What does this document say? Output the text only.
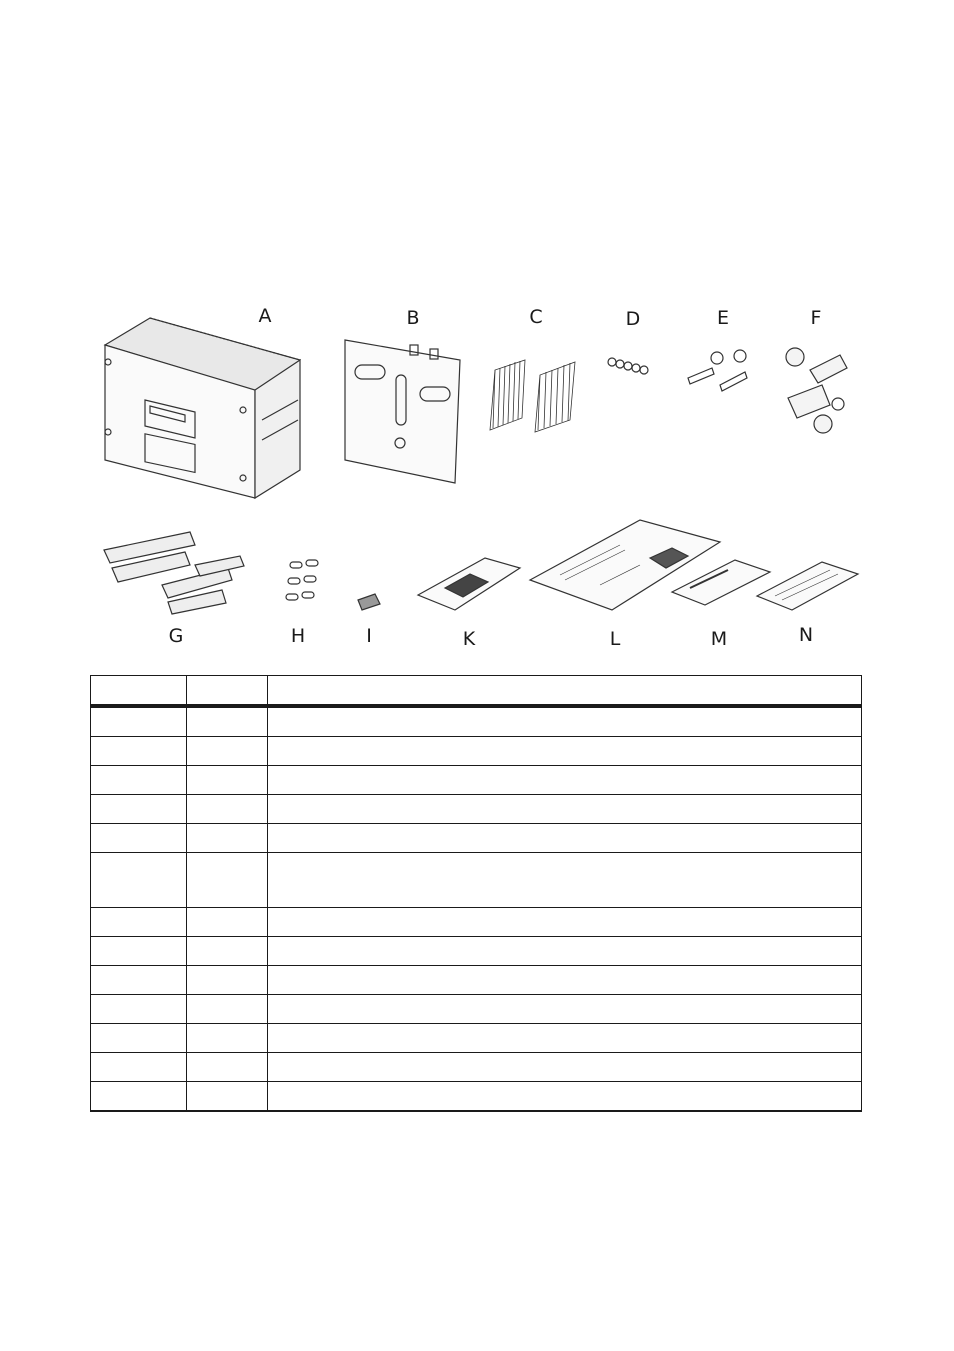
A	B	C	D	E	F
G	H	I	K	L	M	N
